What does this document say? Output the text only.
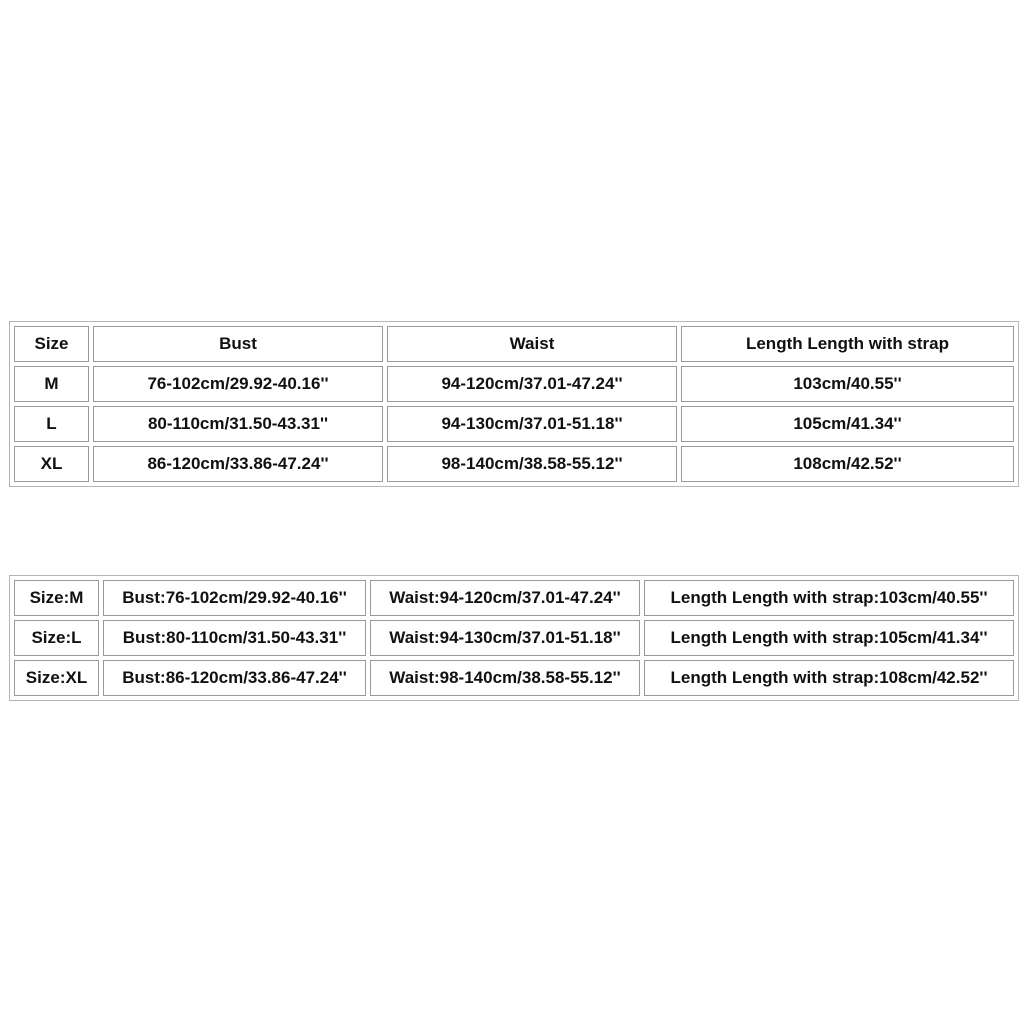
Size	Bust	Waist	Length Length with strap
M	76-102cm/29.92-40.16''	94-120cm/37.01-47.24''	103cm/40.55''
L	80-110cm/31.50-43.31''	94-130cm/37.01-51.18''	105cm/41.34''
XL	86-120cm/33.86-47.24''	98-140cm/38.58-55.12''	108cm/42.52''
Size:M	Bust:76-102cm/29.92-40.16''	Waist:94-120cm/37.01-47.24''	Length Length with strap:103cm/40.55''
Size:L	Bust:80-110cm/31.50-43.31''	Waist:94-130cm/37.01-51.18''	Length Length with strap:105cm/41.34''
Size:XL	Bust:86-120cm/33.86-47.24''	Waist:98-140cm/38.58-55.12''	Length Length with strap:108cm/42.52''
